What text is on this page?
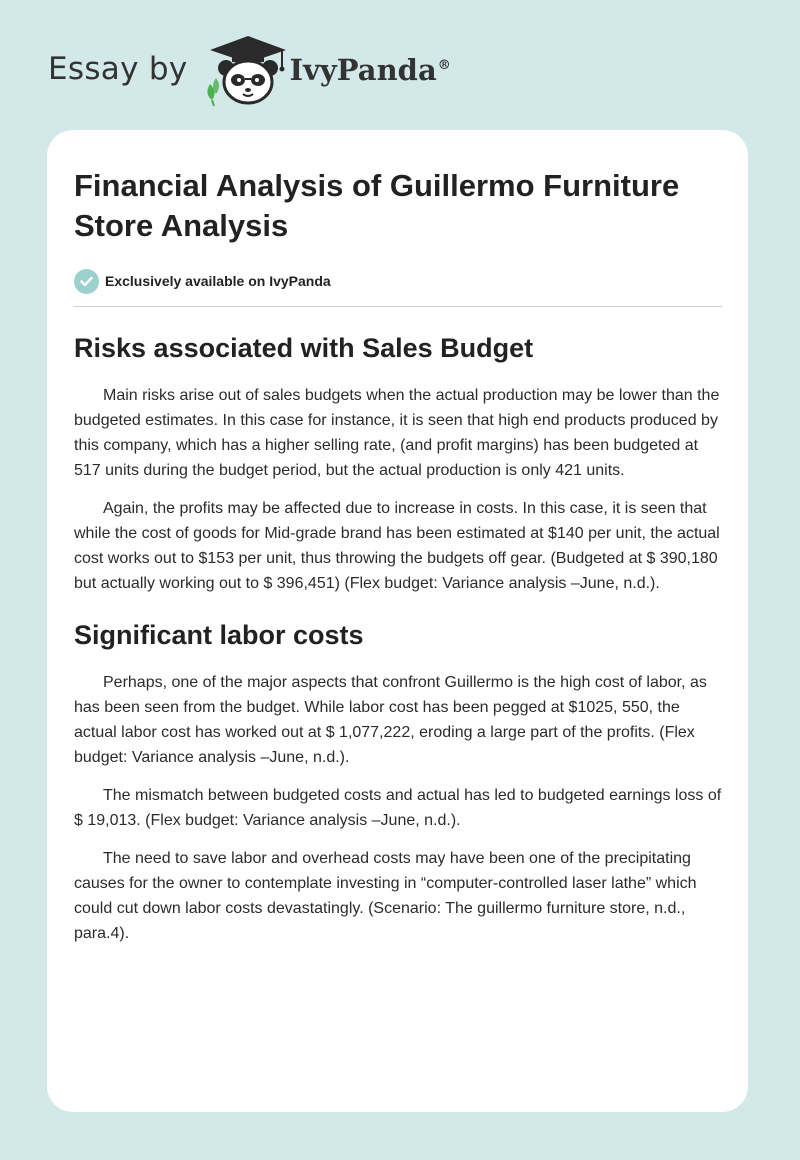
Essay by	IvyPanda®
Financial Analysis of Guillermo Furniture Store Analysis
Exclusively available on IvyPanda
Risks associated with Sales Budget

Main risks arise out of sales budgets when the actual production may be lower than the budgeted estimates. In this case for instance, it is seen that high end products produced by this company, which has a higher selling rate, (and profit margins) has been budgeted at 517 units during the budget period, but the actual production is only 421 units.

Again, the profits may be affected due to increase in costs. In this case, it is seen that while the cost of goods for Mid-grade brand has been estimated at $140 per unit, the actual cost works out to $153 per unit, thus throwing the budgets off gear. (Budgeted at $ 390,180 but actually working out to $ 396,451) (Flex budget: Variance analysis –June, n.d.).

Significant labor costs

Perhaps, one of the major aspects that confront Guillermo is the high cost of labor, as has been seen from the budget. While labor cost has been pegged at $1025, 550, the actual labor cost has worked out at $ 1,077,222, eroding a large part of the profits. (Flex budget: Variance analysis –June, n.d.).

The mismatch between budgeted costs and actual has led to budgeted earnings loss of $ 19,013. (Flex budget: Variance analysis –June, n.d.).

The need to save labor and overhead costs may have been one of the precipitating causes for the owner to contemplate investing in “computer-controlled laser lathe” which could cut down labor costs devastatingly. (Scenario: The guillermo furniture store, n.d., para.4).
